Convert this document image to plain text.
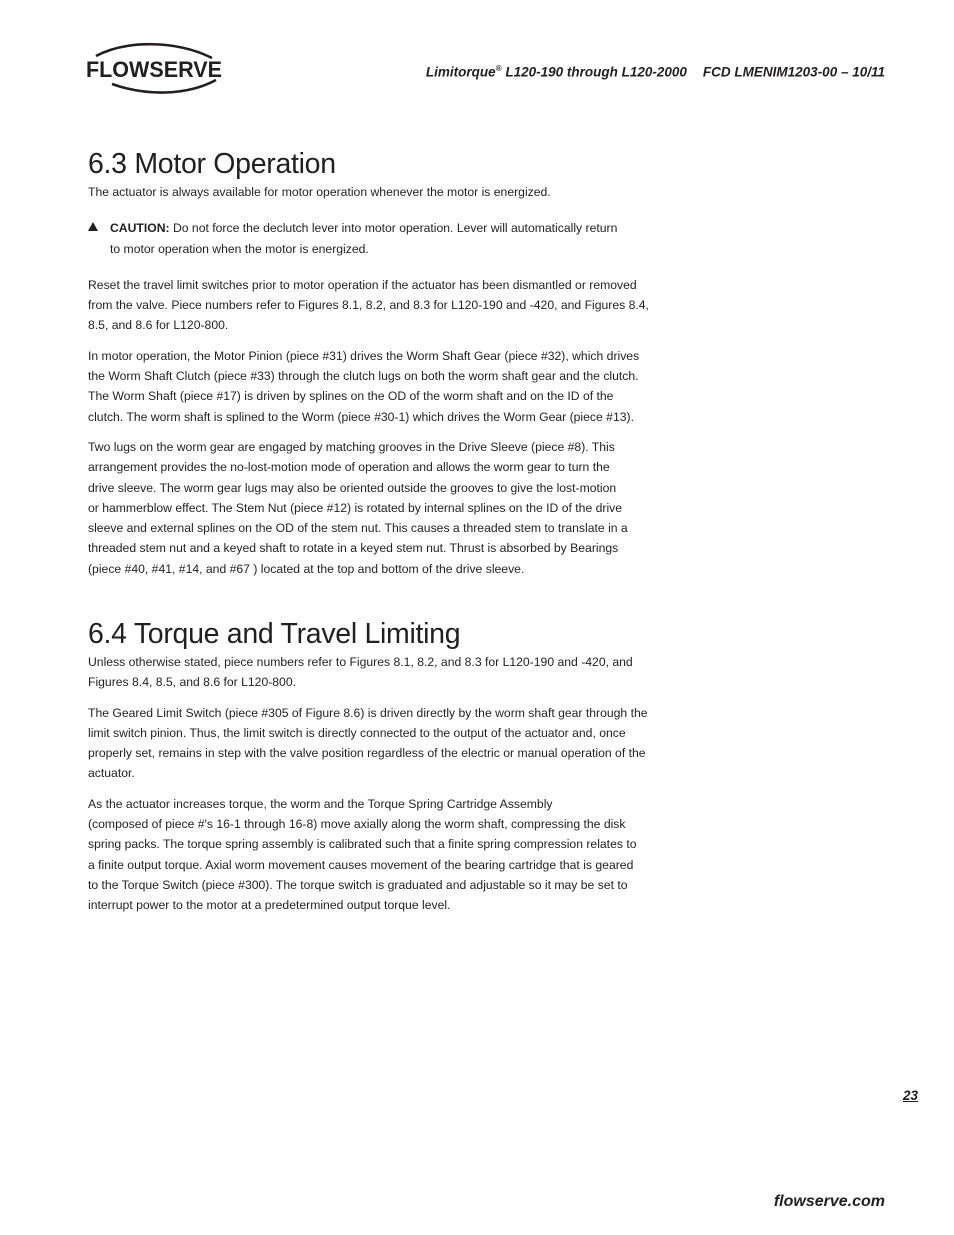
FLOWSERVE	Limitorque® L120-190 through L120-2000 FCD LMENIM1203-00 – 10/11
6.3 Motor Operation

The actuator is always available for motor operation whenever the motor is energized.

CAUTION: Do not force the declutch lever into motor operation. Lever will automatically return

to motor operation when the motor is energized.

Reset the travel limit switches prior to motor operation if the actuator has been dismantled or removed

from the valve. Piece numbers refer to Figures 8.1, 8.2, and 8.3 for L120-190 and -420, and Figures 8.4,

8.5, and 8.6 for L120-800.

In motor operation, the Motor Pinion (piece #31) drives the Worm Shaft Gear (piece #32), which drives

the Worm Shaft Clutch (piece #33) through the clutch lugs on both the worm shaft gear and the clutch.

The Worm Shaft (piece #17) is driven by splines on the OD of the worm shaft and on the ID of the

clutch. The worm shaft is splined to the Worm (piece #30-1) which drives the Worm Gear (piece #13).

Two lugs on the worm gear are engaged by matching grooves in the Drive Sleeve (piece #8). This

arrangement provides the no-lost-motion mode of operation and allows the worm gear to turn the

drive sleeve. The worm gear lugs may also be oriented outside the grooves to give the lost-motion

or hammerblow effect. The Stem Nut (piece #12) is rotated by internal splines on the ID of the drive

sleeve and external splines on the OD of the stem nut. This causes a threaded stem to translate in a

threaded stem nut and a keyed shaft to rotate in a keyed stem nut. Thrust is absorbed by Bearings

(piece #40, #41, #14, and #67 ) located at the top and bottom of the drive sleeve.

6.4 Torque and Travel Limiting

Unless otherwise stated, piece numbers refer to Figures 8.1, 8.2, and 8.3 for L120-190 and -420, and

Figures 8.4, 8.5, and 8.6 for L120-800.

The Geared Limit Switch (piece #305 of Figure 8.6) is driven directly by the worm shaft gear through the

limit switch pinion. Thus, the limit switch is directly connected to the output of the actuator and, once

properly set, remains in step with the valve position regardless of the electric or manual operation of the

actuator.

As the actuator increases torque, the worm and the Torque Spring Cartridge Assembly

(composed of piece #'s 16-1 through 16-8) move axially along the worm shaft, compressing the disk

spring packs. The torque spring assembly is calibrated such that a finite spring compression relates to

a finite output torque. Axial worm movement causes movement of the bearing cartridge that is geared

to the Torque Switch (piece #300). The torque switch is graduated and adjustable so it may be set to

interrupt power to the motor at a predetermined output torque level.

23
flowserve.com
